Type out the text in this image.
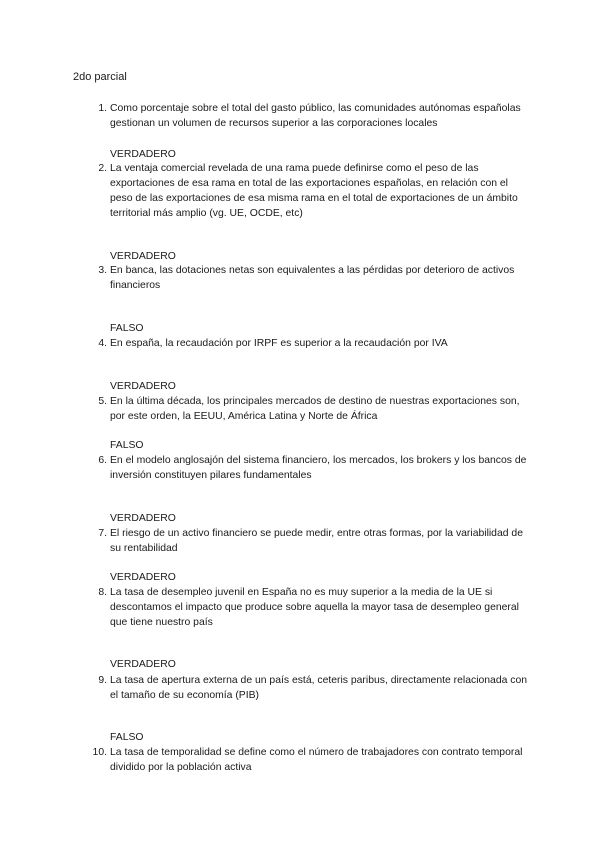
2do parcial
1. Como porcentaje sobre el total del gasto público, las comunidades autónomas españolas gestionan un volumen de recursos superior a las corporaciones locales
VERDADERO
2. La ventaja comercial revelada de una rama puede definirse como el peso de las exportaciones de esa rama en total de las exportaciones españolas, en relación con el peso de las exportaciones de esa misma rama en el total de exportaciones de un ámbito territorial más amplio (vg. UE, OCDE, etc)
VERDADERO
3. En banca, las dotaciones netas son equivalentes a las pérdidas por deterioro de activos financieros
FALSO
4. En españa, la recaudación por IRPF es superior a la recaudación por IVA
VERDADERO
5. En la última década, los principales mercados de destino de nuestras exportaciones son, por este orden, la EEUU, América Latina y Norte de África
FALSO
6. En el modelo anglosajón del sistema financiero, los mercados, los brokers y los bancos de inversión constituyen pilares fundamentales
VERDADERO
7. El riesgo de un activo financiero se puede medir, entre otras formas, por la variabilidad de su rentabilidad
VERDADERO
8. La tasa de desempleo juvenil en España no es muy superior a la media de la UE si descontamos el impacto que produce sobre aquella la mayor tasa de desempleo general que tiene nuestro país
VERDADERO
9. La tasa de apertura externa de un país está, ceteris paribus, directamente relacionada con el tamaño de su economía (PIB)
FALSO
10. La tasa de temporalidad se define como el número de trabajadores con contrato temporal dividido por la población activa
